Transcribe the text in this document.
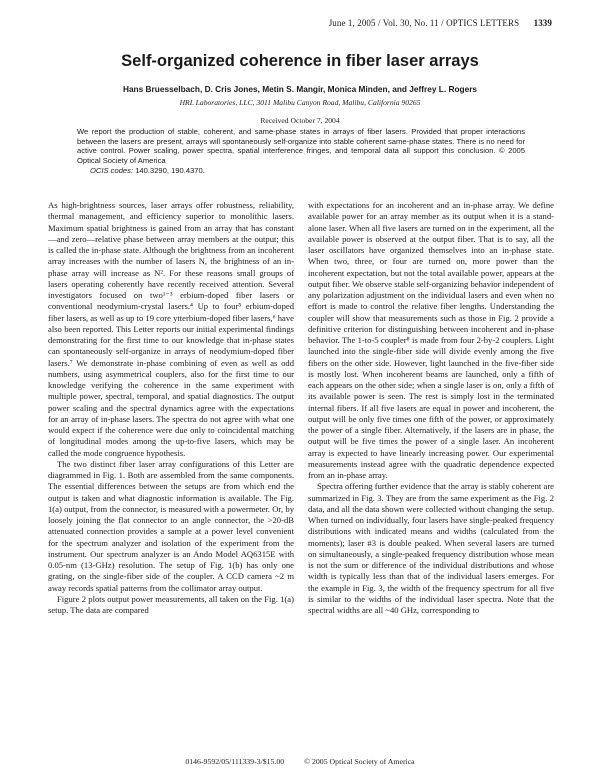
June 1, 2005 / Vol. 30, No. 11 / OPTICS LETTERS 1339
Self-organized coherence in fiber laser arrays
Hans Bruesselbach, D. Cris Jones, Metin S. Mangir, Monica Minden, and Jeffrey L. Rogers
HRL Laboratories, LLC, 3011 Malibu Canyon Road, Malibu, California 90265
Received October 7, 2004
We report the production of stable, coherent, and same-phase states in arrays of fiber lasers. Provided that proper interactions between the lasers are present, arrays will spontaneously self-organize into stable coherent same-phase states. There is no need for active control. Power scaling, power spectra, spatial interference fringes, and temporal data all support this conclusion. © 2005 Optical Society of America
OCIS codes: 140.3290, 190.4370.

As high-brightness sources, laser arrays offer robustness, reliability, thermal management, and efficiency superior to monolithic lasers. Maximum spatial brightness is gained from an array that has constant—and zero—relative phase between array members at the output; this is called the in-phase state. Although the brightness from an incoherent array increases with the number of lasers N, the brightness of an in-phase array will increase as N². For these reasons small groups of lasers operating coherently have recently received attention. Several investigators focused on two¹⁻³ erbium-doped fiber lasers or conventional neodymium-crystal lasers.⁴ Up to four⁵ erbium-doped fiber lasers, as well as up to 19 core ytterbium-doped fiber lasers,⁶ have also been reported. This Letter reports our initial experimental findings demonstrating for the first time to our knowledge that in-phase states can spontaneously self-organize in arrays of neodymium-doped fiber lasers.⁷ We demonstrate in-phase combining of even as well as odd numbers, using asymmetrical couplers, also for the first time to our knowledge verifying the coherence in the same experiment with multiple power, spectral, temporal, and spatial diagnostics. The output power scaling and the spectral dynamics agree with the expectations for an array of in-phase lasers. The spectra do not agree with what one would expect if the coherence were due only to coincidental matching of longitudinal modes among the up-to-five lasers, which may be called the mode congruence hypothesis.

The two distinct fiber laser array configurations of this Letter are diagrammed in Fig. 1. Both are assembled from the same components. The essential differences between the setups are from which end the output is taken and what diagnostic information is available. The Fig. 1(a) output, from the connector, is measured with a powermeter. Or, by loosely joining the flat connector to an angle connector, the >20-dB attenuated connection provides a sample at a power level convenient for the spectrum analyzer and isolation of the experiment from the instrument. Our spectrum analyzer is an Ando Model AQ6315E with 0.05-nm (13-GHz) resolution. The setup of Fig. 1(b) has only one grating, on the single-fiber side of the coupler. A CCD camera ~2 m away records spatial patterns from the collimator array output.

Figure 2 plots output power measurements, all taken on the Fig. 1(a) setup. The data are compared

with expectations for an incoherent and an in-phase array. We define available power for an array member as its output when it is a stand-alone laser. When all five lasers are turned on in the experiment, all the available power is observed at the output fiber. That is to say, all the laser oscillators have organized themselves into an in-phase state. When two, three, or four are turned on, more power than the incoherent expectation, but not the total available power, appears at the output fiber. We observe stable self-organizing behavior independent of any polarization adjustment on the individual lasers and even when no effort is made to control the relative fiber lengths. Understanding the coupler will show that measurements such as those in Fig. 2 provide a definitive criterion for distinguishing between incoherent and in-phase behavior. The 1-to-5 coupler⁸ is made from four 2-by-2 couplers. Light launched into the single-fiber side will divide evenly among the five fibers on the other side. However, light launched in the five-fiber side is mostly lost. When incoherent beams are launched, only a fifth of each appears on the other side; when a single laser is on, only a fifth of its available power is seen. The rest is simply lost in the terminated internal fibers. If all five lasers are equal in power and incoherent, the output will be only five times one fifth of the power, or approximately the power of a single fiber. Alternatively, if the lasers are in phase, the output will be five times the power of a single laser. An incoherent array is expected to have linearly increasing power. Our experimental measurements instead agree with the quadratic dependence expected from an in-phase array.

Spectra offering further evidence that the array is stably coherent are summarized in Fig. 3. They are from the same experiment as the Fig. 2 data, and all the data shown were collected without changing the setup. When turned on individually, four lasers have single-peaked frequency distributions with indicated means and widths (calculated from the moments); laser #3 is double peaked. When several lasers are turned on simultaneously, a single-peaked frequency distribution whose mean is not the sum or difference of the individual distributions and whose width is typically less than that of the individual lasers emerges. For the example in Fig. 3, the width of the frequency spectrum for all five is similar to the widths of the individual laser spectra. Note that the spectral widths are all ~40 GHz, corresponding to

0146-9592/05/111339-3/$15.00	© 2005 Optical Society of America
